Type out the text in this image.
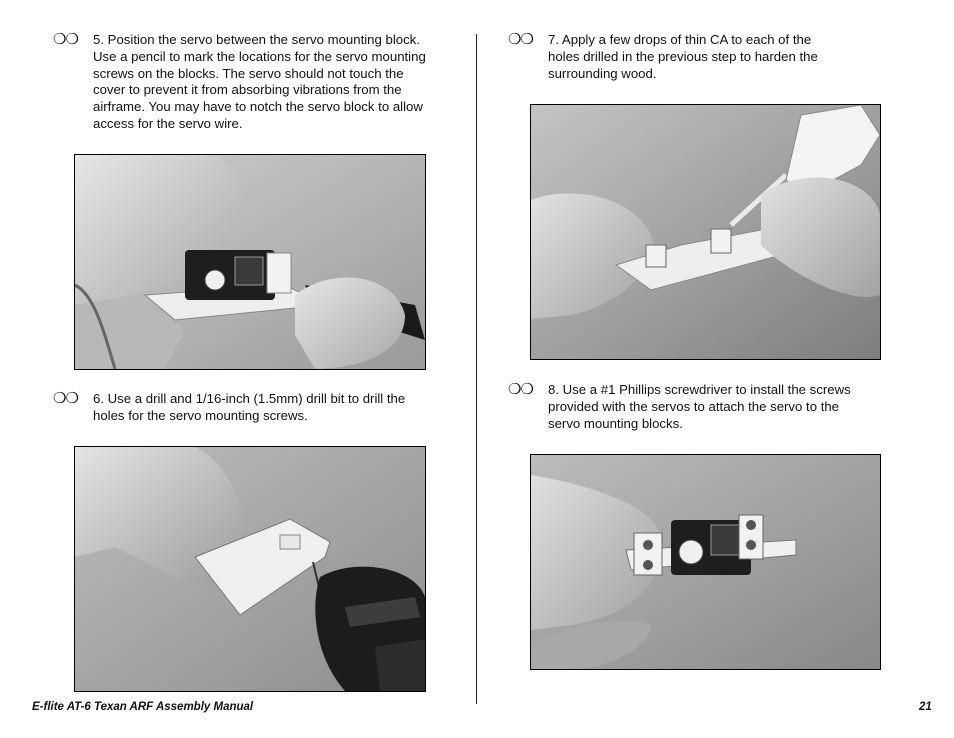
❍❍ 5. Position the servo between the servo mounting block.
Use a pencil to mark the locations for the servo mounting
screws on the blocks. The servo should not touch the
cover to prevent it from absorbing vibrations from the
airframe. You may have to notch the servo block to allow
access for the servo wire.
❍❍ 6. Use a drill and 1/16-inch (1.5mm) drill bit to drill the
holes for the servo mounting screws.
❍❍ 7. Apply a few drops of thin CA to each of the
holes drilled in the previous step to harden the
surrounding wood.
❍❍ 8. Use a #1 Phillips screwdriver to install the screws
provided with the servos to attach the servo to the
servo mounting blocks.
E-flite AT-6 Texan ARF Assembly Manual	21
